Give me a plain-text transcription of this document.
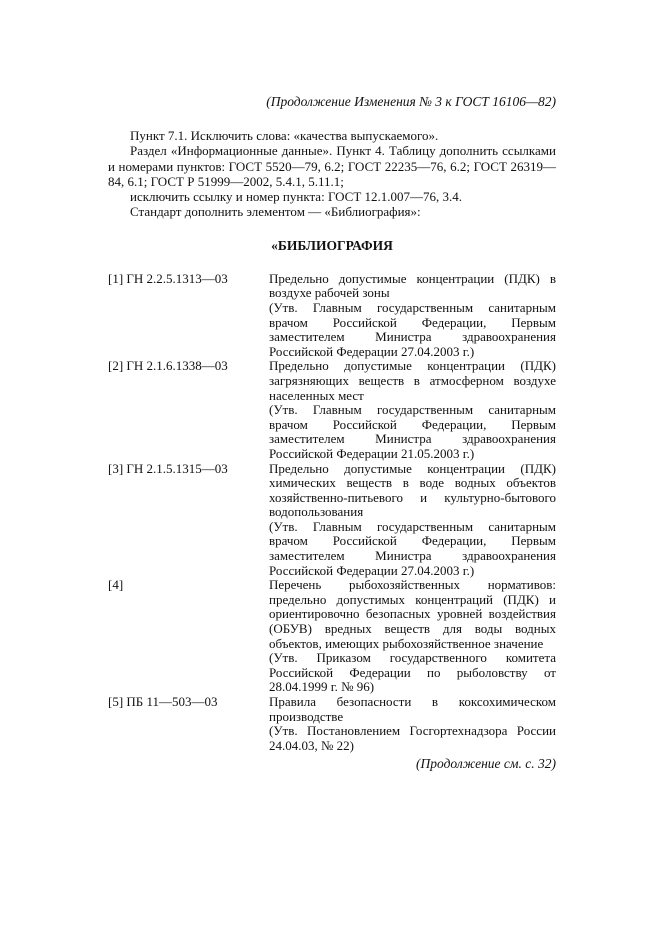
(Продолжение Изменения № 3 к ГОСТ 16106—82)
Пункт 7.1. Исключить слова: «качества выпускаемого».
Раздел «Информационные данные». Пункт 4. Таблицу дополнить ссылками и номерами пунктов: ГОСТ 5520—79, 6.2; ГОСТ 22235—76, 6.2; ГОСТ 26319—84, 6.1; ГОСТ Р 51999—2002, 5.4.1, 5.11.1;
исключить ссылку и номер пункта: ГОСТ 12.1.007—76, 3.4.
Стандарт дополнить элементом — «Библиография»:
«БИБЛИОГРАФИЯ
[1] ГН 2.2.5.1313—03	Предельно допустимые концентрации (ПДК) в воздухе рабочей зоны
(Утв. Главным государственным санитарным врачом Российской Федерации, Первым заместителем Министра здравоохранения Российской Федерации 27.04.2003 г.)
[2] ГН 2.1.6.1338—03	Предельно допустимые концентрации (ПДК) загрязняющих веществ в атмосферном воздухе населенных мест
(Утв. Главным государственным санитарным врачом Российской Федерации, Первым заместителем Министра здравоохранения Российской Федерации 21.05.2003 г.)
[3] ГН 2.1.5.1315—03	Предельно допустимые концентрации (ПДК) химических веществ в воде водных объектов хозяйственно-питьевого и культурно-бытового водопользования
(Утв. Главным государственным санитарным врачом Российской Федерации, Первым заместителем Министра здравоохранения Российской Федерации 27.04.2003 г.)
[4]	Перечень рыбохозяйственных нормативов: предельно допустимых концентраций (ПДК) и ориентировочно безопасных уровней воздействия (ОБУВ) вредных веществ для воды водных объектов, имеющих рыбохозяйственное значение
(Утв. Приказом государственного комитета Российской Федерации по рыболовству от 28.04.1999 г. № 96)
[5] ПБ 11—503—03	Правила безопасности в коксохимическом производстве
(Утв. Постановлением Госгортехнадзора России 24.04.03, № 22)
(Продолжение см. с. 32)
